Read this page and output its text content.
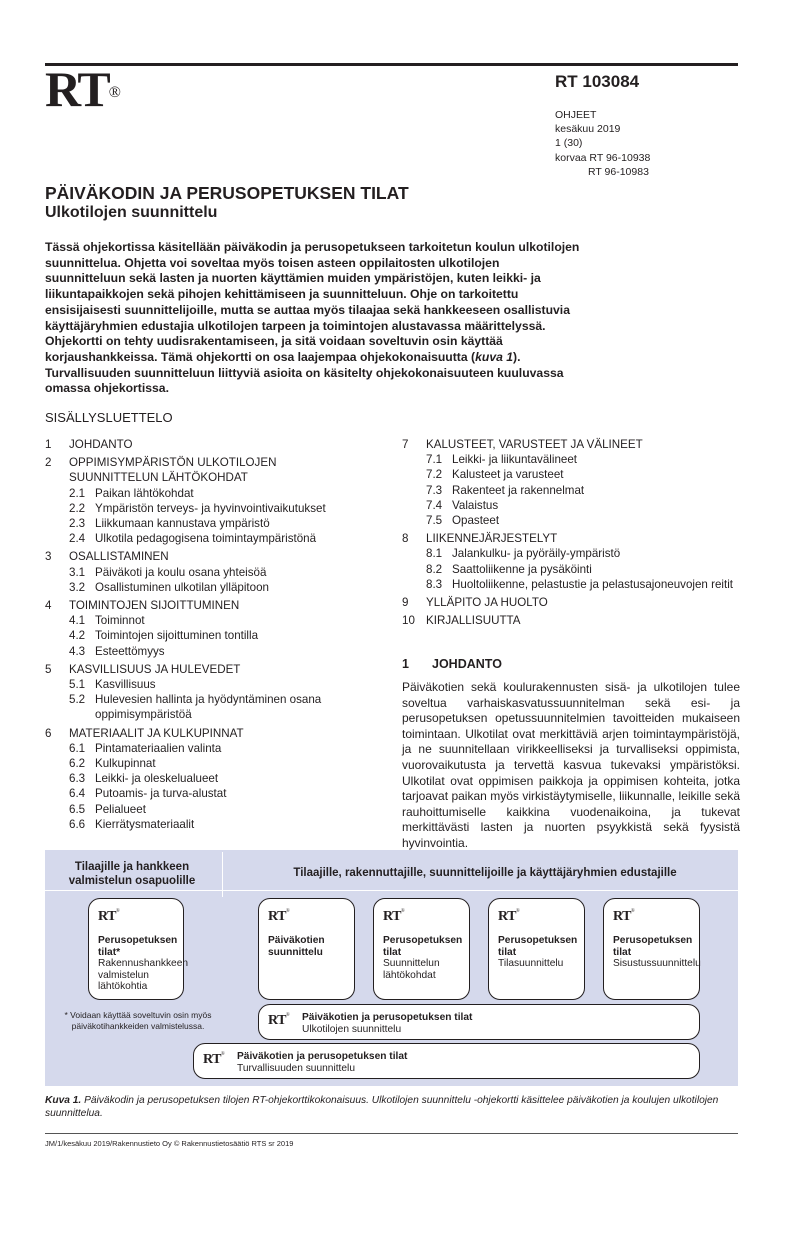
RT®
RT 103084
OHJEET
kesäkuu 2019
1 (30)
korvaa RT 96-10938
RT 96-10983
PÄIVÄKODIN JA PERUSOPETUKSEN TILAT
Ulkotilojen suunnittelu
Tässä ohjekortissa käsitellään päiväkodin ja perusopetukseen tarkoitetun koulun ulkotilojen suunnittelua. Ohjetta voi soveltaa myös toisen asteen oppilaitosten ulkotilojen suunnitteluun sekä lasten ja nuorten käyttämien muiden ympäristöjen, kuten leikki- ja liikuntapaikkojen sekä pihojen kehittämiseen ja suunnitteluun. Ohje on tarkoitettu ensisijaisesti suunnittelijoille, mutta se auttaa myös tilaajaa sekä hankkeeseen osallistuvia käyttäjäryhmien edustajia ulkotilojen tarpeen ja toimintojen alustavassa määrittelyssä. Ohjekortti on tehty uudisrakentamiseen, ja sitä voidaan soveltuvin osin käyttää korjaushankkeissa. Tämä ohjekortti on osa laajempaa ohjekokonaisuutta (kuva 1). Turvallisuuden suunnitteluun liittyviä asioita on käsitelty ohjekokonaisuuteen kuuluvassa omassa ohjekortissa.
SISÄLLYSLUETTELO
1 JOHDANTO
2 OPPIMISYMPÄRISTÖN ULKOTILOJEN SUUNNITTELUN LÄHTÖKOHDAT
2.1 Paikan lähtökohdat
2.2 Ympäristön terveys- ja hyvinvointivaikutukset
2.3 Liikkumaan kannustava ympäristö
2.4 Ulkotila pedagogisena toimintaympäristönä
3 OSALLISTAMINEN
3.1 Päiväkoti ja koulu osana yhteisöä
3.2 Osallistuminen ulkotilan ylläpitoon
4 TOIMINTOJEN SIJOITTUMINEN
4.1 Toiminnot
4.2 Toimintojen sijoittuminen tontilla
4.3 Esteettömyys
5 KASVILLISUUS JA HULEVEDET
5.1 Kasvillisuus
5.2 Hulevesien hallinta ja hyödyntäminen osana oppimisympäristöä
6 MATERIAALIT JA KULKUPINNAT
6.1 Pintamateriaalien valinta
6.2 Kulkupinnat
6.3 Leikki- ja oleskelualueet
6.4 Putoamis- ja turva-alustat
6.5 Pelialueet
6.6 Kierrätysmateriaalit
7 KALUSTEET, VARUSTEET JA VÄLINEET
7.1 Leikki- ja liikuntavälineet
7.2 Kalusteet ja varusteet
7.3 Rakenteet ja rakennelmat
7.4 Valaistus
7.5 Opasteet
8 LIIKENNEJÄRJESTELYT
8.1 Jalankulku- ja pyöräily-ympäristö
8.2 Saattoliikenne ja pysäköinti
8.3 Huoltoliikenne, pelastustie ja pelastusajoneuvojen reitit
9 YLLÄPITO JA HUOLTO
10 KIRJALLISUUTTA
1 JOHDANTO
Päiväkotien sekä koulurakennusten sisä- ja ulkotilojen tulee soveltua varhaiskasvatussuunnitelman sekä esi- ja perusopetuksen opetussuunnitelmien tavoitteiden mukaiseen toimintaan. Ulkotilat ovat merkittäviä arjen toimintaympäristöjä, ja ne suunnitellaan virikkeelliseksi ja turvalliseksi oppimista, vuorovaikutusta ja tervettä kasvua tukevaksi ympäristöksi. Ulkotilat ovat oppimisen paikkoja ja oppimisen kohteita, jotka tarjoavat paikan myös virkistäytymiselle, liikunnalle, leikille sekä rauhoittumiselle kaikkina vuodenaikoina, ja tukevat merkittävästi lasten ja nuorten psyykkistä sekä fyysistä hyvinvointia.
Tilaajille ja hankkeen valmistelun osapuolille
Tilaajille, rakennuttajille, suunnittelijoille ja käyttäjäryhmien edustajille
RT®
Perusopetuksen tilat*
Rakennushankkeen valmistelun lähtökohtia
RT®
Päiväkotien suunnittelu
RT®
Perusopetuksen tilat
Suunnittelun lähtökohdat
RT®
Perusopetuksen tilat
Tilasuunnittelu
RT®
Perusopetuksen tilat
Sisustussuunnittelu
RT® Päiväkotien ja perusopetuksen tilat
Ulkotilojen suunnittelu
RT® Päiväkotien ja perusopetuksen tilat
Turvallisuuden suunnittelu
* Voidaan käyttää soveltuvin osin myös päiväkotihankkeiden valmistelussa.
Kuva 1. Päiväkodin ja perusopetuksen tilojen RT-ohjekorttikokonaisuus. Ulkotilojen suunnittelu -ohjekortti käsittelee päiväkotien ja koulujen ulkotilojen suunnittelua.
JM/1/kesäkuu 2019/Rakennustieto Oy © Rakennustietosäätiö RTS sr 2019
